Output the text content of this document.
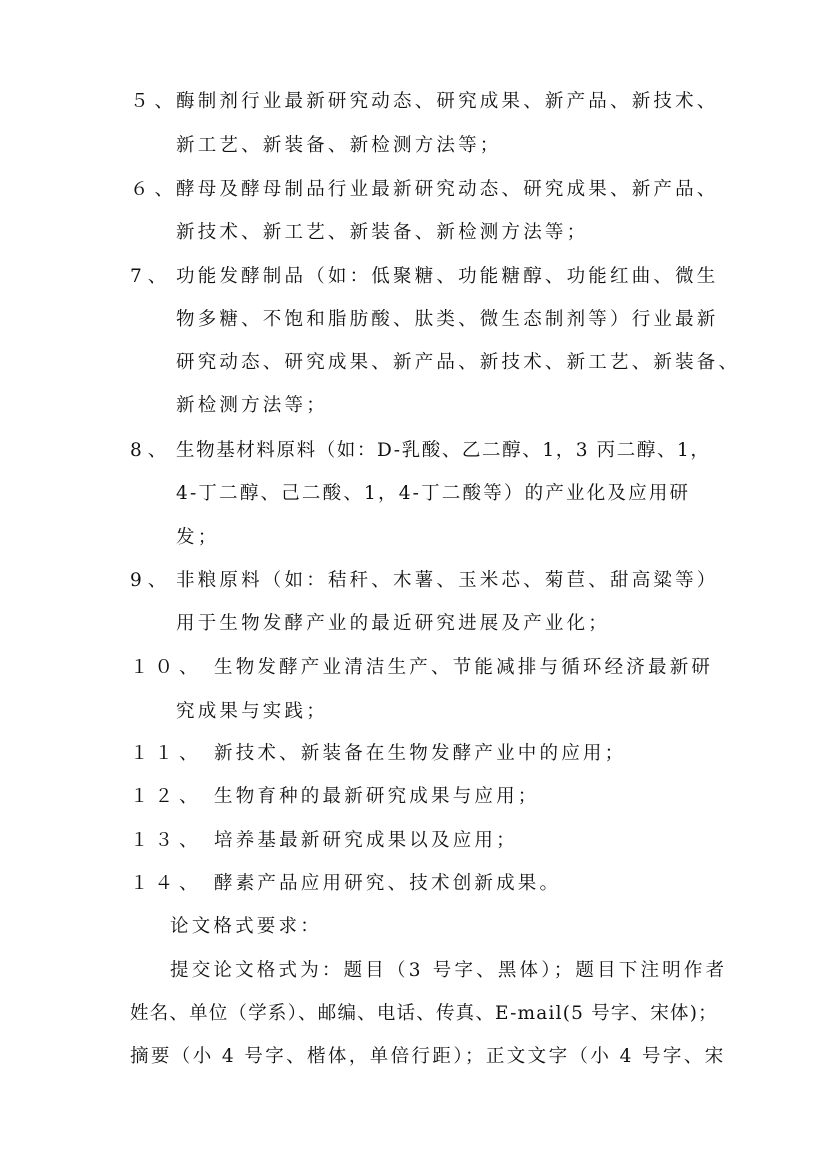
５、
酶制剂行业最新研究动态、研究成果、新产品、新技术、
新工艺、新装备、新检测方法等；
６、
酵母及酵母制品行业最新研究动态、研究成果、新产品、
新技术、新工艺、新装备、新检测方法等；
7、 功能发酵制品（如：低聚糖、功能糖醇、功能红曲、微生
物多糖、不饱和脂肪酸、肽类、微生态制剂等）行业最新
研究动态、研究成果、新产品、新技术、新工艺、新装备、
新检测方法等；
8、 生物基材料原料（如：D-乳酸、乙二醇、1，3 丙二醇、1，
4-丁二醇、己二酸、1，4-丁二酸等）的产业化及应用研
发；
9、 非粮原料（如：秸秆、木薯、玉米芯、菊苣、甜高粱等）
用于生物发酵产业的最近研究进展及产业化；
１０、 生物发酵产业清洁生产、节能减排与循环经济最新研
究成果与实践；
１１、 新技术、新装备在生物发酵产业中的应用；
１２、 生物育种的最新研究成果与应用；
１３、 培养基最新研究成果以及应用；
１４、 酵素产品应用研究、技术创新成果。
论文格式要求：
提交论文格式为：题目（3 号字、黑体）；题目下注明作者
姓名、单位（学系）、邮编、电话、传真、E-mail(5 号字、宋体)；
摘要（小 4 号字、楷体，单倍行距）；正文文字（小 4 号字、宋
